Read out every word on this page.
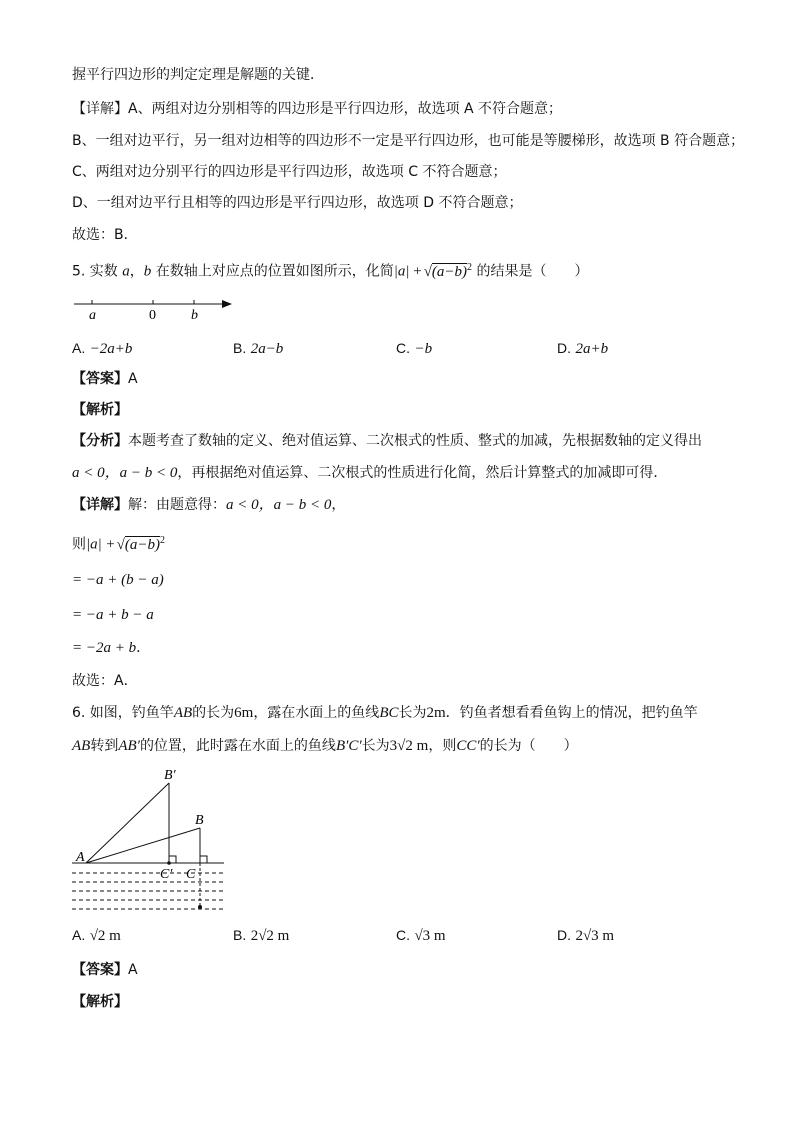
握平行四边形的判定定理是解题的关键．
【详解】A、两组对边分别相等的四边形是平行四边形，故选项 A 不符合题意；
B、一组对边平行，另一组对边相等的四边形不一定是平行四边形，也可能是等腰梯形，故选项 B 符合题意；
C、两组对边分别平行的四边形是平行四边形，故选项 C 不符合题意；
D、一组对边平行且相等的四边形是平行四边形，故选项 D 不符合题意；
故选：B．
5. 实数 a，b 在数轴上对应点的位置如图所示，化简$|a| + √(a-b)^2$ 的结果是（　　）
a	0	b
A. −2a+b	B. 2a−b	C. −b	D. 2a+b
【答案】A
【解析】
【分析】本题考查了数轴的定义、绝对值运算、二次根式的性质、整式的加减，先根据数轴的定义得出
a < 0，a − b < 0，再根据绝对值运算、二次根式的性质进行化简，然后计算整式的加减即可得．
【详解】解：由题意得：a < 0，a − b < 0，
则$|a| + √(a-b)^2$
= −a + (b − a)
= −a + b − a
= −2a + b．
故选：A．
6. 如图，钓鱼竿AB的长为6m，露在水面上的鱼线BC长为2m．钓鱼者想看看鱼钩上的情况，把钓鱼竿
AB转到AB′的位置，此时露在水面上的鱼线B′C′长为3√2 m，则CC′的长为（　　）
A
B′
B
C′ C
A. √2 m	B. 2√2 m	C. √3 m	D. 2√3 m
【答案】A
【解析】
